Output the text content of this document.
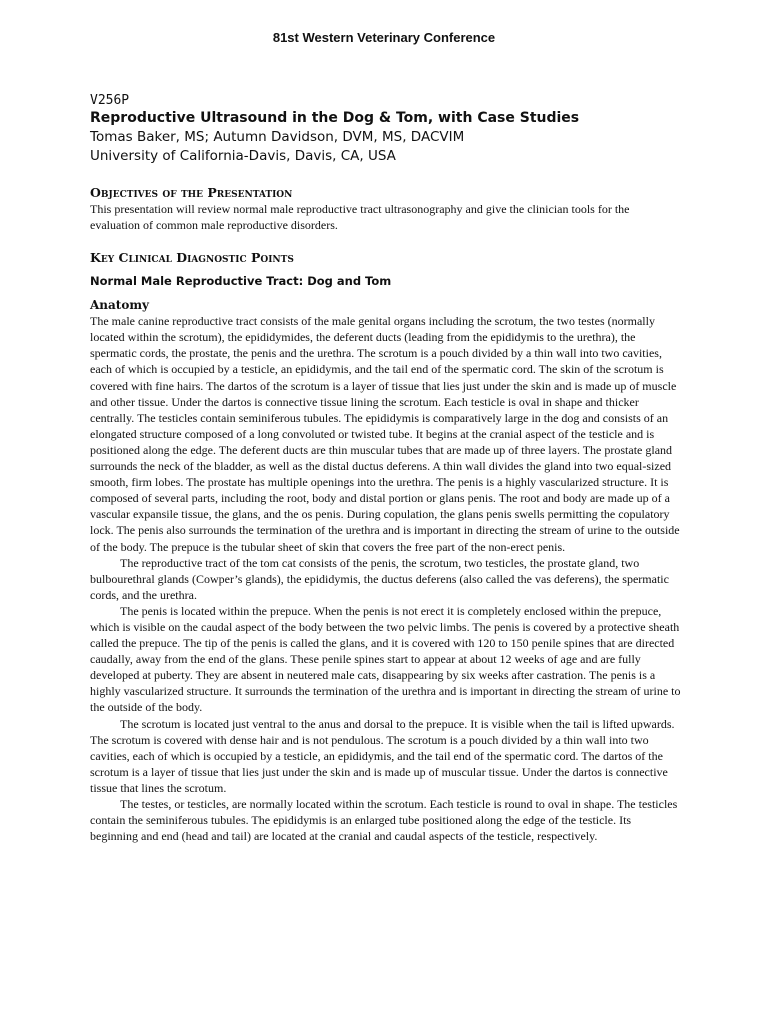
81st Western Veterinary Conference

V256P

Reproductive Ultrasound in the Dog & Tom, with Case Studies

Tomas Baker, MS; Autumn Davidson, DVM, MS, DACVIM

University of California-Davis, Davis, CA, USA

Objectives of the Presentation

This presentation will review normal male reproductive tract ultrasonography and give the clinician tools for the evaluation of common male reproductive disorders.

Key Clinical Diagnostic Points

Normal Male Reproductive Tract: Dog and Tom

Anatomy

The male canine reproductive tract consists of the male genital organs including the scrotum, the two testes (normally located within the scrotum), the epididymides, the deferent ducts (leading from the epididymis to the urethra), the spermatic cords, the prostate, the penis and the urethra. The scrotum is a pouch divided by a thin wall into two cavities, each of which is occupied by a testicle, an epididymis, and the tail end of the spermatic cord. The skin of the scrotum is covered with fine hairs. The dartos of the scrotum is a layer of tissue that lies just under the skin and is made up of muscle and other tissue. Under the dartos is connective tissue lining the scrotum. Each testicle is oval in shape and thicker centrally. The testicles contain seminiferous tubules. The epididymis is comparatively large in the dog and consists of an elongated structure composed of a long convoluted or twisted tube. It begins at the cranial aspect of the testicle and is positioned along the edge. The deferent ducts are thin muscular tubes that are made up of three layers. The prostate gland surrounds the neck of the bladder, as well as the distal ductus deferens. A thin wall divides the gland into two equal-sized smooth, firm lobes. The prostate has multiple openings into the urethra. The penis is a highly vascularized structure. It is composed of several parts, including the root, body and distal portion or glans penis. The root and body are made up of a vascular expansile tissue, the glans, and the os penis. During copulation, the glans penis swells permitting the copulatory lock. The penis also surrounds the termination of the urethra and is important in directing the stream of urine to the outside of the body. The prepuce is the tubular sheet of skin that covers the free part of the non-erect penis.

The reproductive tract of the tom cat consists of the penis, the scrotum, two testicles, the prostate gland, two bulbourethral glands (Cowper’s glands), the epididymis, the ductus deferens (also called the vas deferens), the spermatic cords, and the urethra.

The penis is located within the prepuce. When the penis is not erect it is completely enclosed within the prepuce, which is visible on the caudal aspect of the body between the two pelvic limbs. The penis is covered by a protective sheath called the prepuce. The tip of the penis is called the glans, and it is covered with 120 to 150 penile spines that are directed caudally, away from the end of the glans. These penile spines start to appear at about 12 weeks of age and are fully developed at puberty. They are absent in neutered male cats, disappearing by six weeks after castration. The penis is a highly vascularized structure. It surrounds the termination of the urethra and is important in directing the stream of urine to the outside of the body.

The scrotum is located just ventral to the anus and dorsal to the prepuce. It is visible when the tail is lifted upwards. The scrotum is covered with dense hair and is not pendulous. The scrotum is a pouch divided by a thin wall into two cavities, each of which is occupied by a testicle, an epididymis, and the tail end of the spermatic cord. The dartos of the scrotum is a layer of tissue that lies just under the skin and is made up of muscular tissue. Under the dartos is connective tissue that lines the scrotum.

The testes, or testicles, are normally located within the scrotum. Each testicle is round to oval in shape. The testicles contain the seminiferous tubules. The epididymis is an enlarged tube positioned along the edge of the testicle. Its beginning and end (head and tail) are located at the cranial and caudal aspects of the testicle, respectively.
